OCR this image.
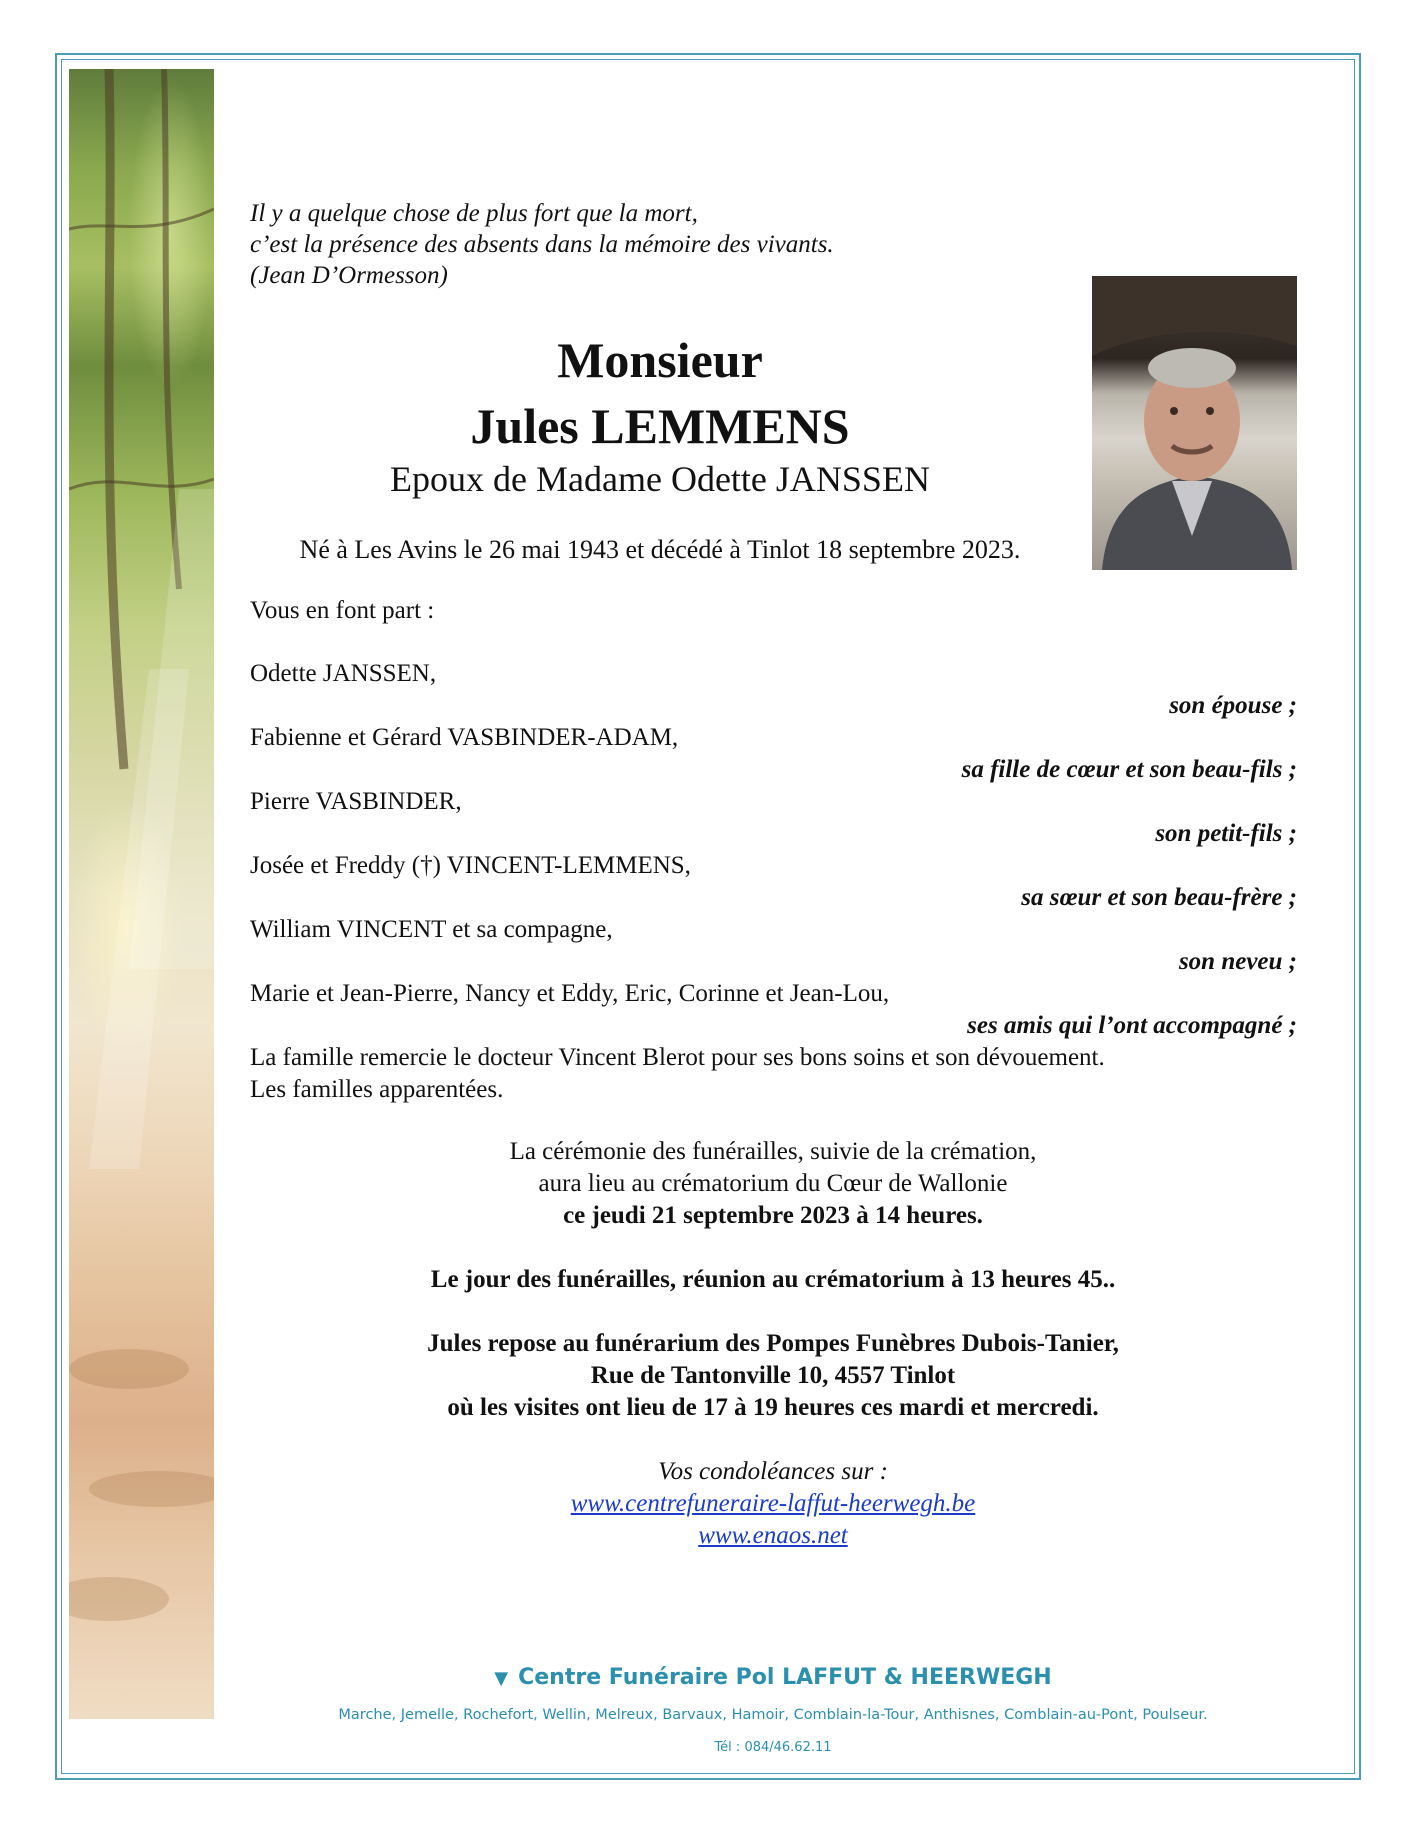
Il y a quelque chose de plus fort que la mort,
c’est la présence des absents dans la mémoire des vivants.
(Jean D’Ormesson)
Monsieur
Jules LEMMENS
Epoux de Madame Odette JANSSEN
Né à Les Avins le 26 mai 1943 et décédé à Tinlot 18 septembre 2023.
Vous en font part :
Odette JANSSEN,
son épouse ;
Fabienne et Gérard VASBINDER-ADAM,
sa fille de cœur et son beau-fils ;
Pierre VASBINDER,
son petit-fils ;
Josée et Freddy (†) VINCENT-LEMMENS,
sa sœur et son beau-frère ;
William VINCENT et sa compagne,
son neveu ;
Marie et Jean-Pierre, Nancy et Eddy, Eric, Corinne et Jean-Lou,
ses amis qui l’ont accompagné ;
La famille remercie le docteur Vincent Blerot pour ses bons soins et son dévouement.
Les familles apparentées.
La cérémonie des funérailles, suivie de la crémation,
aura lieu au crématorium du Cœur de Wallonie
ce jeudi 21 septembre 2023 à 14 heures.
Le jour des funérailles, réunion au crématorium à 13 heures 45..
Jules repose au funérarium des Pompes Funèbres Dubois-Tanier,
Rue de Tantonville 10, 4557 Tinlot
où les visites ont lieu de 17 à 19 heures ces mardi et mercredi.
Vos condoléances sur :
www.centrefuneraire-laffut-heerwegh.be
www.enaos.net
▼ Centre Funéraire Pol LAFFUT & HEERWEGH
Marche, Jemelle, Rochefort, Wellin, Melreux, Barvaux, Hamoir, Comblain-la-Tour, Anthisnes, Comblain-au-Pont, Poulseur.
Tél : 084/46.62.11
